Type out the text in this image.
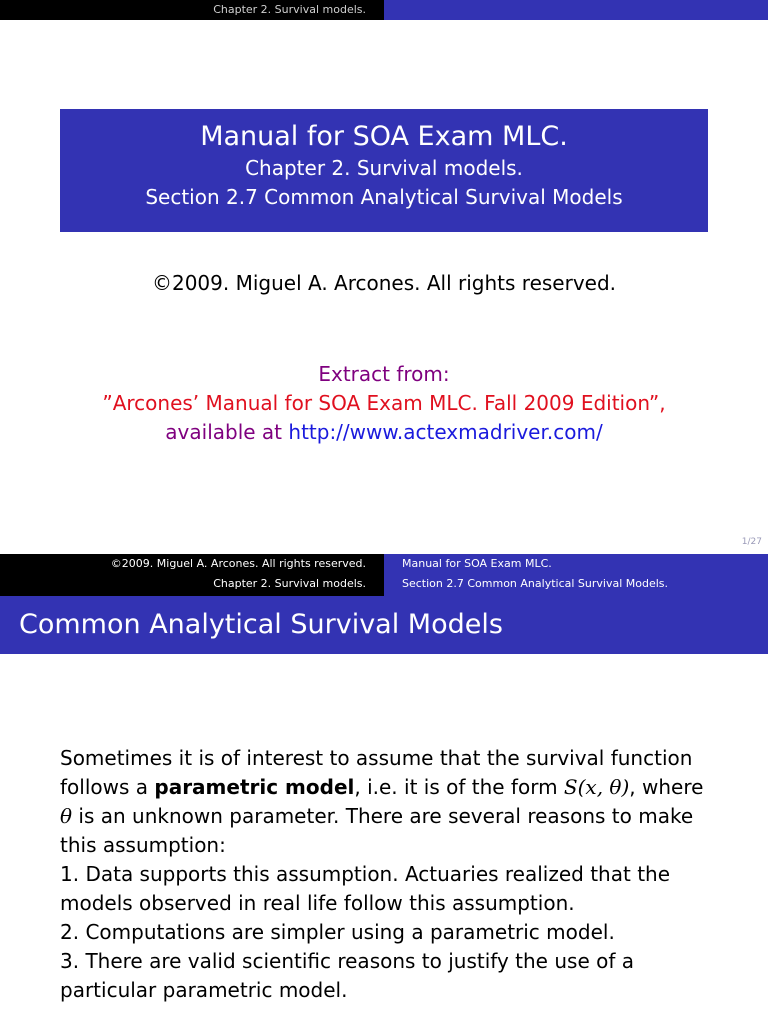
Chapter 2. Survival models.
Manual for SOA Exam MLC.
Chapter 2. Survival models.
Section 2.7 Common Analytical Survival Models
©2009. Miguel A. Arcones. All rights reserved.
Extract from:
”Arcones’ Manual for SOA Exam MLC. Fall 2009 Edition”,
available at http://www.actexmadriver.com/
1/27
©2009. Miguel A. Arcones. All rights reserved.
Chapter 2. Survival models.
Manual for SOA Exam MLC.
Section 2.7 Common Analytical Survival Models.
Common Analytical Survival Models

Sometimes it is of interest to assume that the survival function follows a parametric model, i.e. it is of the form S(x, θ), where θ is an unknown parameter. There are several reasons to make this assumption:

1. Data supports this assumption. Actuaries realized that the models observed in real life follow this assumption.

2. Computations are simpler using a parametric model.

3. There are valid scientific reasons to justify the use of a particular parametric model.
